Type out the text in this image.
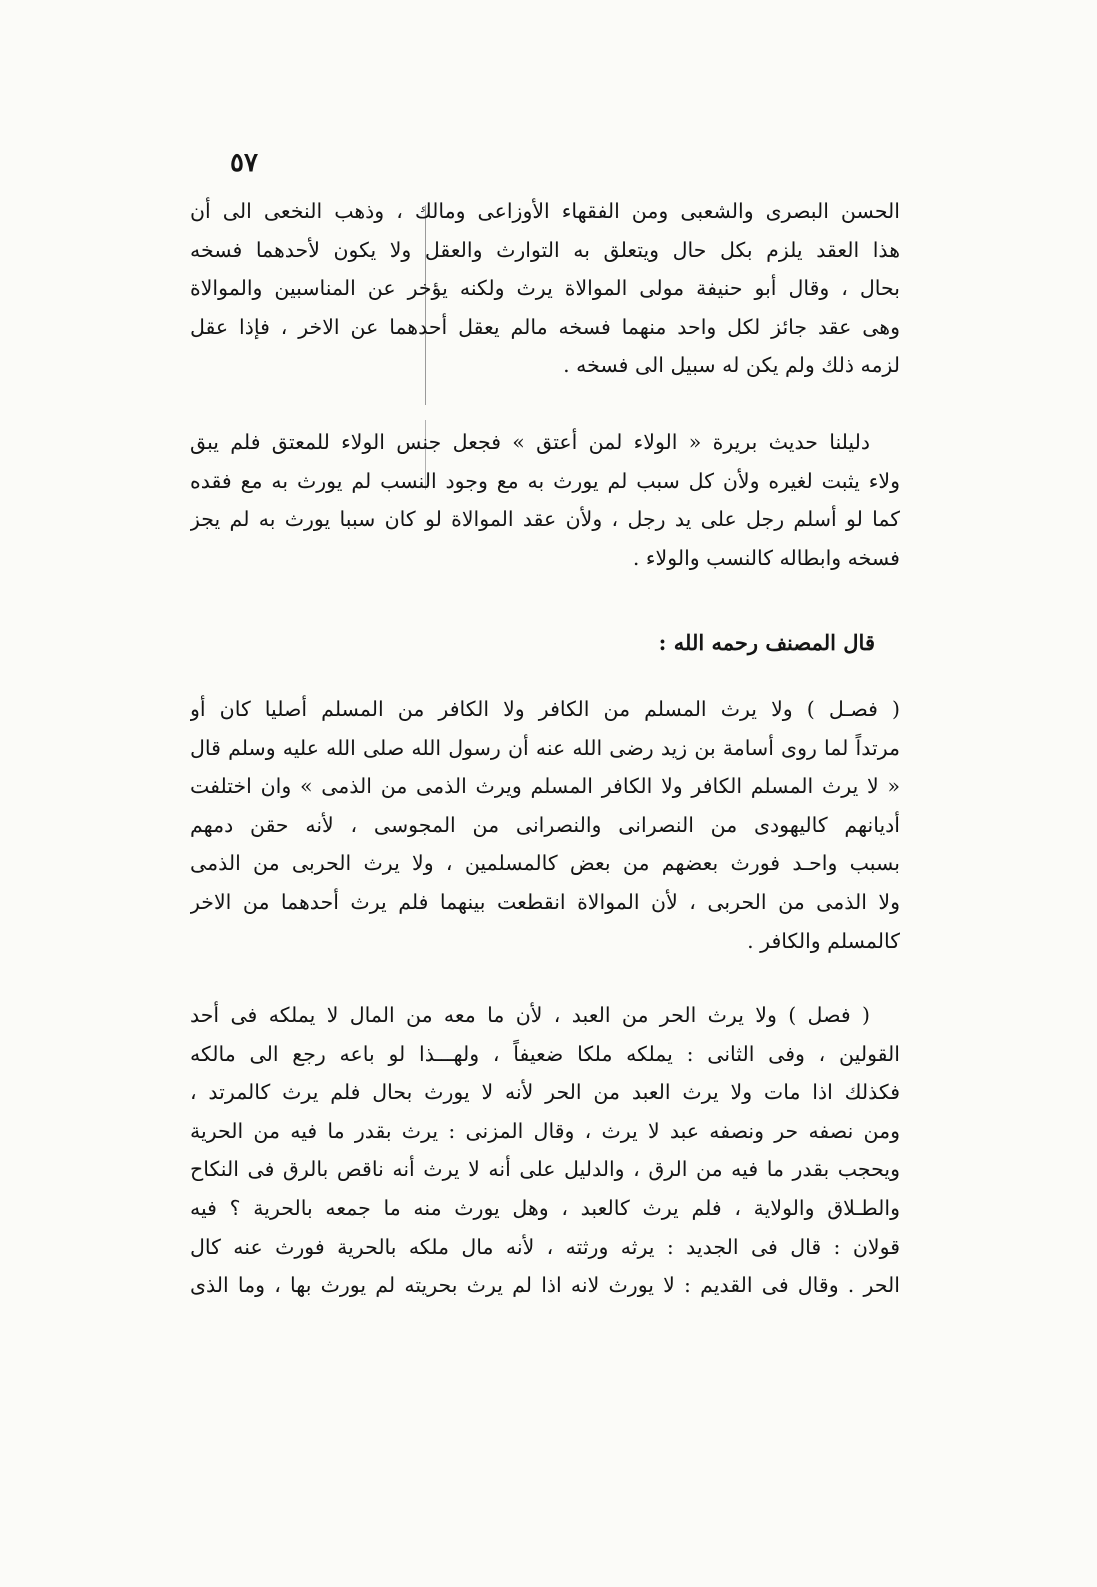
٥٧
الحسن البصرى والشعبى ومن الفقهاء الأوزاعى ومالك ، وذهب النخعى الى أن
هذا العقد يلزم بكل حال ويتعلق به التوارث والعقل ولا يكون لأحدهما فسخه
بحال ، وقال أبو حنيفة مولى الموالاة يرث ولكنه يؤخر عن المناسبين والموالاة
وهى عقد جائز لكل واحد منهما فسخه مالم يعقل أحدهما عن الاخر ، فإذا عقل
لزمه ذلك ولم يكن له سبيل الى فسخه .
دليلنا حديث بريرة « الولاء لمن أعتق » فجعل جنس الولاء للمعتق فلم يبق
ولاء يثبت لغيره ولأن كل سبب لم يورث به مع وجود النسب لم يورث به مع فقده
كما لو أسلم رجل على يد رجل ، ولأن عقد الموالاة لو كان سببا يورث به لم يجز
فسخه وابطاله كالنسب والولاء .
قال المصنف رحمه الله :
( فصـل ) ولا يرث المسلم من الكافر ولا الكافر من المسلم أصليا كان أو
مرتداً لما روى أسامة بن زيد رضى الله عنه أن رسول الله صلى الله عليه وسلم قال
« لا يرث المسلم الكافر ولا الكافر المسلم ويرث الذمى من الذمى » وان اختلفت
أديانهم كاليهودى من النصرانى والنصرانى من المجوسى ، لأنه حقن دمهم
بسبب واحـد فورث بعضهم من بعض كالمسلمين ، ولا يرث الحربى من الذمى
ولا الذمى من الحربى ، لأن الموالاة انقطعت بينهما فلم يرث أحدهما من الاخر
كالمسلم والكافر .
( فصل ) ولا يرث الحر من العبد ، لأن ما معه من المال لا يملكه فى أحد
القولين ، وفى الثانى : يملكه ملكا ضعيفاً ، ولهـــذا لو باعه رجع الى مالكه
فكذلك اذا مات ولا يرث العبد من الحر لأنه لا يورث بحال فلم يرث كالمرتد ،
ومن نصفه حر ونصفه عبد لا يرث ، وقال المزنى : يرث بقدر ما فيه من الحرية
ويحجب بقدر ما فيه من الرق ، والدليل على أنه لا يرث أنه ناقص بالرق فى النكاح
والطـلاق والولاية ، فلم يرث كالعبد ، وهل يورث منه ما جمعه بالحرية ؟ فيه
قولان : قال فى الجديد : يرثه ورثته ، لأنه مال ملكه بالحرية فورث عنه كال
الحر . وقال فى القديم : لا يورث لانه اذا لم يرث بحريته لم يورث بها ، وما الذى
